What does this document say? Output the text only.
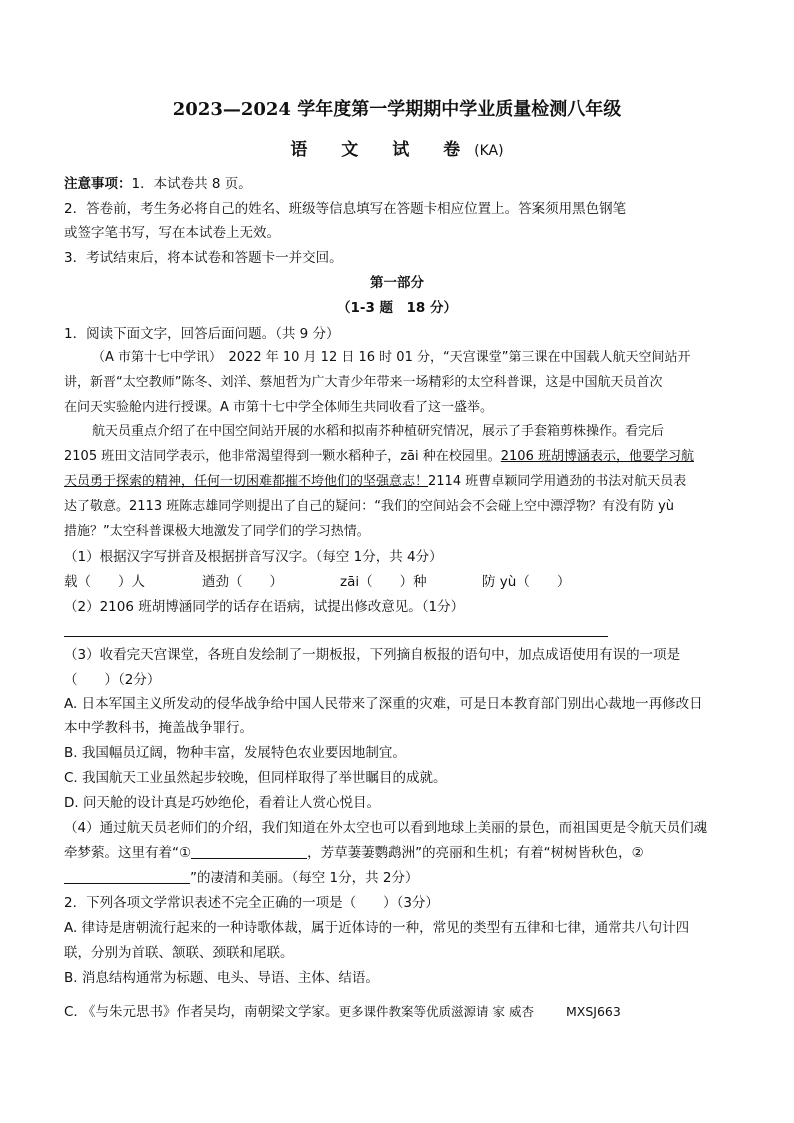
2023—2024 学年度第一学期期中学业质量检测八年级
语 文 试 卷(KA)
注意事项：1．本试卷共 8 页。
2．答卷前，考生务必将自己的姓名、班级等信息填写在答题卡相应位置上。答案须用黑色钢笔
或签字笔书写，写在本试卷上无效。
3．考试结束后，将本试卷和答题卡一并交回。
第一部分
（1-3 题　18 分）
1．阅读下面文字，回答后面问题。（共 9 分）
（A 市第十七中学讯）　2022 年 10 月 12 日 16 时 01 分，“天宫课堂”第三课在中国载人航天空间站开
讲，新晋“太空教师”陈冬、刘洋、蔡旭哲为广大青少年带来一场精彩的太空科普课，这是中国航天员首次
在问天实验舱内进行授课。A 市第十七中学全体师生共同收看了这一盛举。
航天员重点介绍了在中国空间站开展的水稻和拟南芥种植研究情况，展示了手套箱剪株操作。看完后
2105 班田文洁同学表示，他非常渴望得到一颗水稻种子，zāi 种在校园里。2106 班胡博涵表示，他要学习航
天员勇于探索的精神，任何一切困难都摧不垮他们的坚强意志！2114 班曹卓颖同学用遒劲的书法对航天员表
达了敬意。2113 班陈志雄同学则提出了自己的疑问：“我们的空间站会不会碰上空中漂浮物？有没有防 yù
措施？”太空科普课极大地激发了同学们的学习热情。
（1）根据汉字写拼音及根据拼音写汉字。（每空 1分，共 4分）
载（　　）人	遒劲（　　）	zāi（　　）种	防 yù（　　）
（2）2106 班胡博涵同学的话存在语病，试提出修改意见。（1分）
（3）收看完天宫课堂，各班自发绘制了一期板报，下列摘自板报的语句中，加点成语使用有误的一项是
（　　）（2分）
A. 日本军国主义所发动的侵华战争给中国人民带来了深重的灾难，可是日本教育部门别出心裁地一再修改日
本中学教科书，掩盖战争罪行。
B. 我国幅员辽阔，物种丰富，发展特色农业要因地制宜。
C. 我国航天工业虽然起步较晚，但同样取得了举世瞩目的成就。
D. 问天舱的设计真是巧妙绝伦，看着让人赏心悦目。
（4）通过航天员老师们的介绍，我们知道在外太空也可以看到地球上美丽的景色，而祖国更是令航天员们魂
牵梦萦。这里有着“①	，芳草萋萋鹦鹉洲”的亮丽和生机；有着“树树皆秋色，②
”的凄清和美丽。（每空 1分，共 2分）
2．下列各项文学常识表述不完全正确的一项是（　　）（3分）
A. 律诗是唐朝流行起来的一种诗歌体裁，属于近体诗的一种，常见的类型有五律和七律，通常共八句计四
联，分别为首联、颔联、颈联和尾联。
B. 消息结构通常为标题、电头、导语、主体、结语。
C. 《与朱元思书》作者吴均，南朝梁文学家。更多课件教案等优质滋源请 家 威杏	MXSJ663
